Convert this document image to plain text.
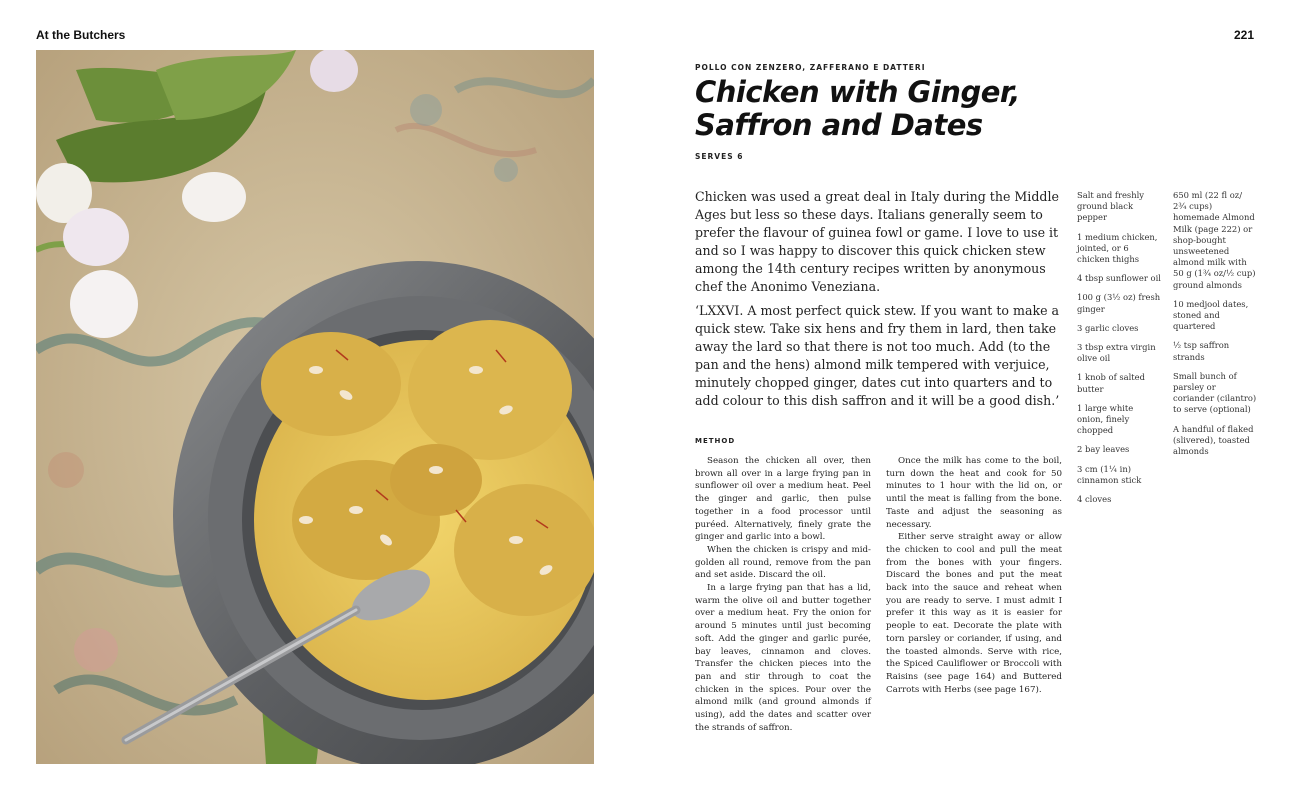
At the Butchers	221
POLLO CON ZENZERO, ZAFFERANO E DATTERI
Chicken with Ginger,
Saffron and Dates
SERVES 6

Chicken was used a great deal in Italy during the Middle Ages but less so these days. Italians generally seem to prefer the flavour of guinea fowl or game. I love to use it and so I was happy to discover this quick chicken stew among the 14th century recipes written by anonymous chef the Anonimo Veneziana.

‘LXXVI. A most perfect quick stew. If you want to make a quick stew. Take six hens and fry them in lard, then take away the lard so that there is not too much. Add (to the pan and the hens) almond milk tempered with verjuice, minutely chopped ginger, dates cut into quarters and to add colour to this dish saffron and it will be a good dish.’

METHOD

Season the chicken all over, then brown all over in a large frying pan in sunflower oil over a medium heat. Peel the ginger and garlic, then pulse together in a food processor until puréed. Alternatively, finely grate the ginger and garlic into a bowl.

When the chicken is crispy and mid-golden all round, remove from the pan and set aside. Discard the oil.

In a large frying pan that has a lid, warm the olive oil and butter together over a medium heat. Fry the onion for around 5 minutes until just becoming soft. Add the ginger and garlic purée, bay leaves, cinnamon and cloves. Transfer the chicken pieces into the pan and stir through to coat the chicken in the spices. Pour over the almond milk (and ground almonds if using), add the dates and scatter over the strands of saffron.

Once the milk has come to the boil, turn down the heat and cook for 50 minutes to 1 hour with the lid on, or until the meat is falling from the bone. Taste and adjust the seasoning as necessary.

Either serve straight away or allow the chicken to cool and pull the meat from the bones with your fingers. Discard the bones and put the meat back into the sauce and reheat when you are ready to serve. I must admit I prefer it this way as it is easier for people to eat. Decorate the plate with torn parsley or coriander, if using, and the toasted almonds. Serve with rice, the Spiced Cauliflower or Broccoli with Raisins (see page 164) and Buttered Carrots with Herbs (see page 167).

Salt and freshly ground black pepper

1 medium chicken, jointed, or 6 chicken thighs

4 tbsp sunflower oil

100 g (3½ oz) fresh ginger

3 garlic cloves

3 tbsp extra virgin olive oil

1 knob of salted butter

1 large white onion, finely chopped

2 bay leaves

3 cm (1¼ in) cinnamon stick

4 cloves

650 ml (22 fl oz/ 2¾ cups) homemade Almond Milk (page 222) or shop-bought unsweetened almond milk with 50 g (1¾ oz/½ cup) ground almonds

10 medjool dates, stoned and quartered

½ tsp saffron strands

Small bunch of parsley or coriander (cilantro) to serve (optional)

A handful of flaked (slivered), toasted almonds
